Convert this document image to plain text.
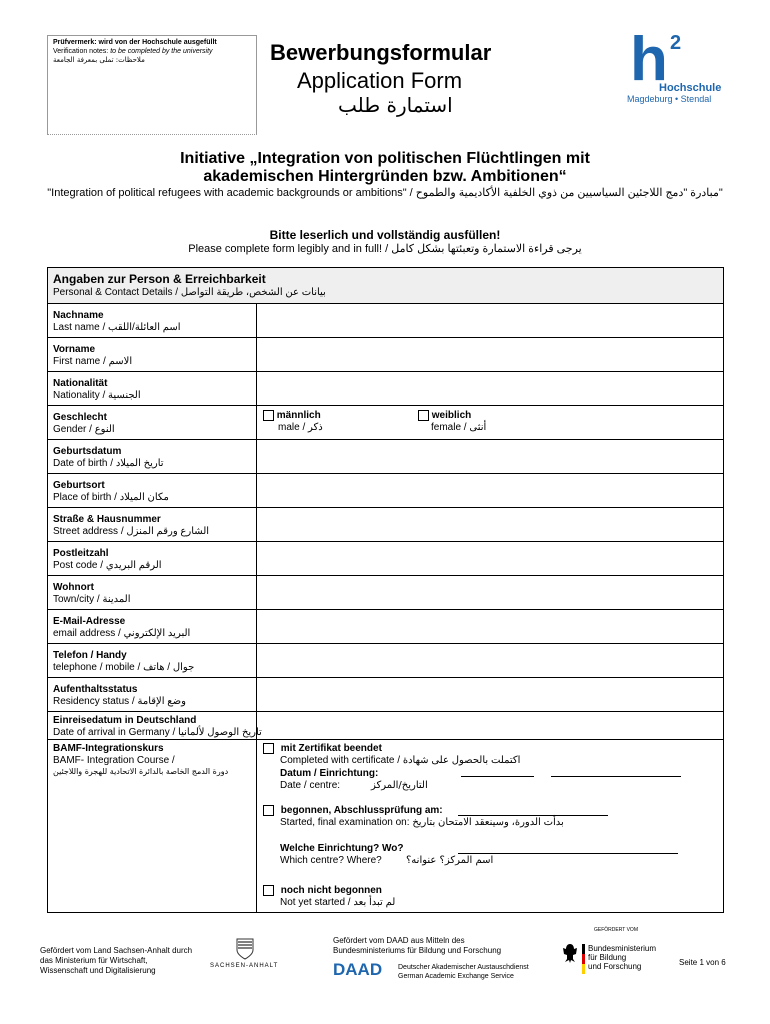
Prüfvermerk: wird von der Hochschule ausgefüllt
Verification notes: to be completed by the university
ملاحظات: تملى بمعرفة الجامعة	Bewerbungsformular
Application Form
استمارة طلب
h 2
Hochschule
Magdeburg • Stendal
Initiative „Integration von politischen Flüchtlingen mit
akademischen Hintergründen bzw. Ambitionen“
"Integration of political refugees with academic backgrounds or ambitions" / مبادرة "دمج اللاجئين السياسيين من ذوي الخلفية الأكاديمية والطموح"
Bitte leserlich und vollständig ausfüllen!
Please complete form legibly and in full! / يرجى قراءة الاستمارة وتعبئتها بشكل كامل
Angaben zur Person & Erreichbarkeit
Personal & Contact Details / بيانات عن الشخص، طريقة التواصل
Nachname
Last name / اسم العائلة/اللقب
Vorname
First name / الاسم
Nationalität
Nationality / الجنسية
Geschlecht
Gender / النوع
männlich
male / ذكر
weiblich
female / أنثى
Geburtsdatum
Date of birth / تاريخ الميلاد
Geburtsort
Place of birth / مكان الميلاد
Straße & Hausnummer
Street address / الشارع ورقم المنزل
Postleitzahl
Post code / الرقم البريدي
Wohnort
Town/city / المدينة
E-Mail-Adresse
email address / البريد الإلكتروني
Telefon / Handy
telephone / mobile / جوال / هاتف
Aufenthaltsstatus
Residency status / وضع الإقامة
Einreisedatum in Deutschland
Date of arrival in Germany / تاريخ الوصول لألمانيا
BAMF-Integrationskurs
BAMF- Integration Course /
دورة الدمج الخاصة بالدائرة الاتحادية للهجرة واللاجئين
mit Zertifikat beendet
Completed with certificate / اكتملت بالحصول على شهادة
Datum / Einrichtung:
Date / centre:	التاريخ/المركز
begonnen, Abschlussprüfung am:
Started, final examination on: بدأت الدورة، وسينعقد الامتحان بتاريخ
Welche Einrichtung? Wo?
Which centre? Where? اسم المركز؟ عنوانه؟
noch nicht begonnen
Not yet started / لم تبدأ بعد
Gefördert vom Land Sachsen-Anhalt durch
das Ministerium für Wirtschaft,
Wissenschaft und Digitalisierung	SACHSEN-ANHALT
Gefördert vom DAAD aus Mitteln des
Bundesministeriums für Bildung und Forschung
DAAD Deutscher Akademischer Austauschdienst
German Academic Exchange Service
GEFÖRDERT VOM
Bundesministerium
für Bildung
und Forschung	Seite 1 von 6
